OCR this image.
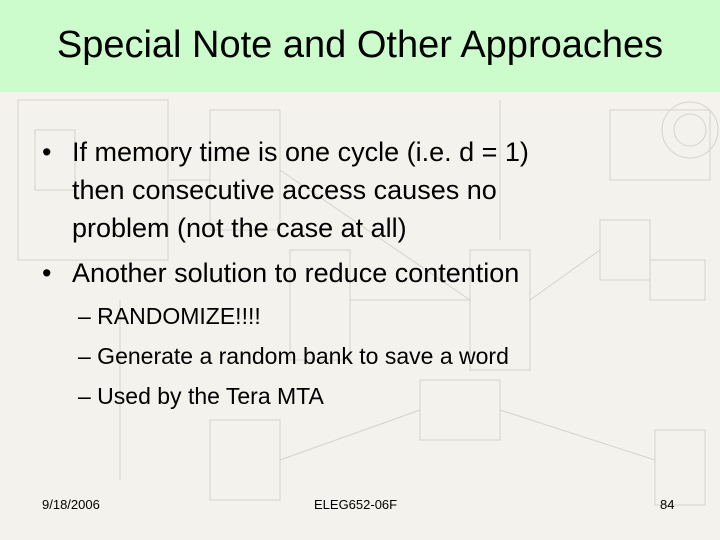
Special Note and Other Approaches
• If memory time is one cycle (i.e. d = 1)
then consecutive access causes no
problem (not the case at all)
• Another solution to reduce contention
– RANDOMIZE!!!!
– Generate a random bank to save a word
– Used by the Tera MTA
9/18/2006	ELEG652-06F	84
